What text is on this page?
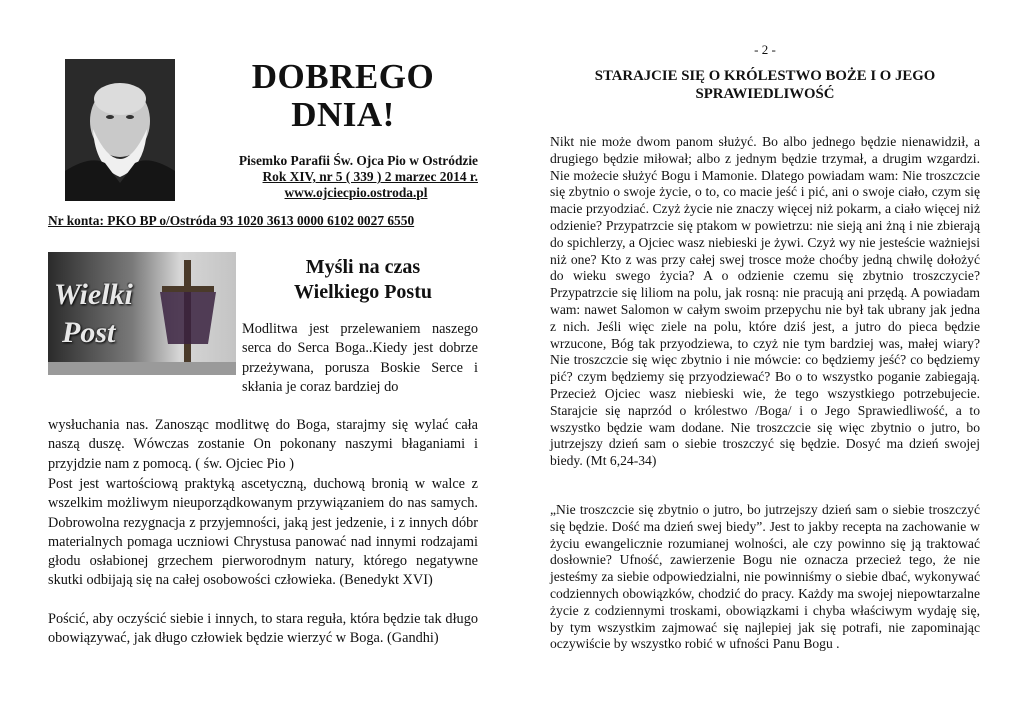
DOBREGO DNIA!
Pisemko Parafii Św. Ojca Pio w Ostródzie
Rok XIV, nr 5 ( 339 ) 2 marzec 2014 r.
www.ojciecpio.ostroda.pl
Nr konta: PKO BP o/Ostróda 93 1020 3613 0000 6102 0027 6550
Wielki
Post
Myśli na czas
Wielkiego Postu

Modlitwa jest przelewaniem naszego serca do Serca Boga..Kiedy jest dobrze przeżywana, porusza Boskie Serce i skłania je coraz bardziej do

wysłuchania nas. Zanosząc modlitwę do Boga, starajmy się wylać cała naszą duszę. Wówczas zostanie On pokonany naszymi błaganiami i przyjdzie nam z pomocą. ( św. Ojciec Pio )

Post jest wartościową praktyką ascetyczną, duchową bronią w walce z wszelkim możliwym nieuporządkowanym przywiązaniem do nas samych. Dobrowolna rezygnacja z przyjemności, jaką jest jedzenie, i z innych dóbr materialnych pomaga uczniowi Chrystusa panować nad innymi rodzajami głodu osłabionej grzechem pierworodnym natury, którego negatywne skutki odbijają się na całej osobowości człowieka. (Benedykt XVI)

Pościć, aby oczyścić siebie i innych, to stara reguła, która będzie tak długo obowiązywać, jak długo człowiek będzie wierzyć w Boga. (Gandhi)

- 2 -
STARAJCIE SIĘ O KRÓLESTWO BOŻE I O JEGO
SPRAWIEDLIWOŚĆ

Nikt nie może dwom panom służyć. Bo albo jednego będzie nienawidził, a drugiego będzie miłował; albo z jednym będzie trzymał, a drugim wzgardzi. Nie możecie służyć Bogu i Mamonie. Dlatego powiadam wam: Nie troszczcie się zbytnio o swoje życie, o to, co macie jeść i pić, ani o swoje ciało, czym się macie przyodziać. Czyż życie nie znaczy więcej niż pokarm, a ciało więcej niż odzienie? Przypatrzcie się ptakom w powietrzu: nie sieją ani żną i nie zbierają do spichlerzy, a Ojciec wasz niebieski je żywi. Czyż wy nie jesteście ważniejsi niż one? Kto z was przy całej swej trosce może choćby jedną chwilę dołożyć do wieku swego życia? A o odzienie czemu się zbytnio troszczycie? Przypatrzcie się liliom na polu, jak rosną: nie pracują ani przędą. A powiadam wam: nawet Salomon w całym swoim przepychu nie był tak ubrany jak jedna z nich. Jeśli więc ziele na polu, które dziś jest, a jutro do pieca będzie wrzucone, Bóg tak przyodziewa, to czyż nie tym bardziej was, małej wiary? Nie troszczcie się więc zbytnio i nie mówcie: co będziemy jeść? co będziemy pić? czym będziemy się przyodziewać? Bo o to wszystko poganie zabiegają. Przecież Ojciec wasz niebieski wie, że tego wszystkiego potrzebujecie. Starajcie się naprzód o królestwo /Boga/ i o Jego Sprawiedliwość, a to wszystko będzie wam dodane. Nie troszczcie się więc zbytnio o jutro, bo jutrzejszy dzień sam o siebie troszczyć się będzie. Dosyć ma dzień swojej biedy. (Mt 6,24-34)

„Nie troszczcie się zbytnio o jutro, bo jutrzejszy dzień sam o siebie troszczyć się będzie. Dość ma dzień swej biedy”. Jest to jakby recepta na zachowanie w życiu ewangelicznie rozumianej wolności, ale czy powinno się ją traktować dosłownie? Ufność, zawierzenie Bogu nie oznacza przecież tego, że nie jesteśmy za siebie odpowiedzialni, nie powinniśmy o siebie dbać, wykonywać codziennych obowiązków, chodzić do pracy. Każdy ma swojej niepowtarzalne życie z codziennymi troskami, obowiązkami i chyba właściwym wydaję się, by tym wszystkim zajmować się najlepiej jak się potrafi, nie zapominając oczywiście by wszystko robić w ufności Panu Bogu .
